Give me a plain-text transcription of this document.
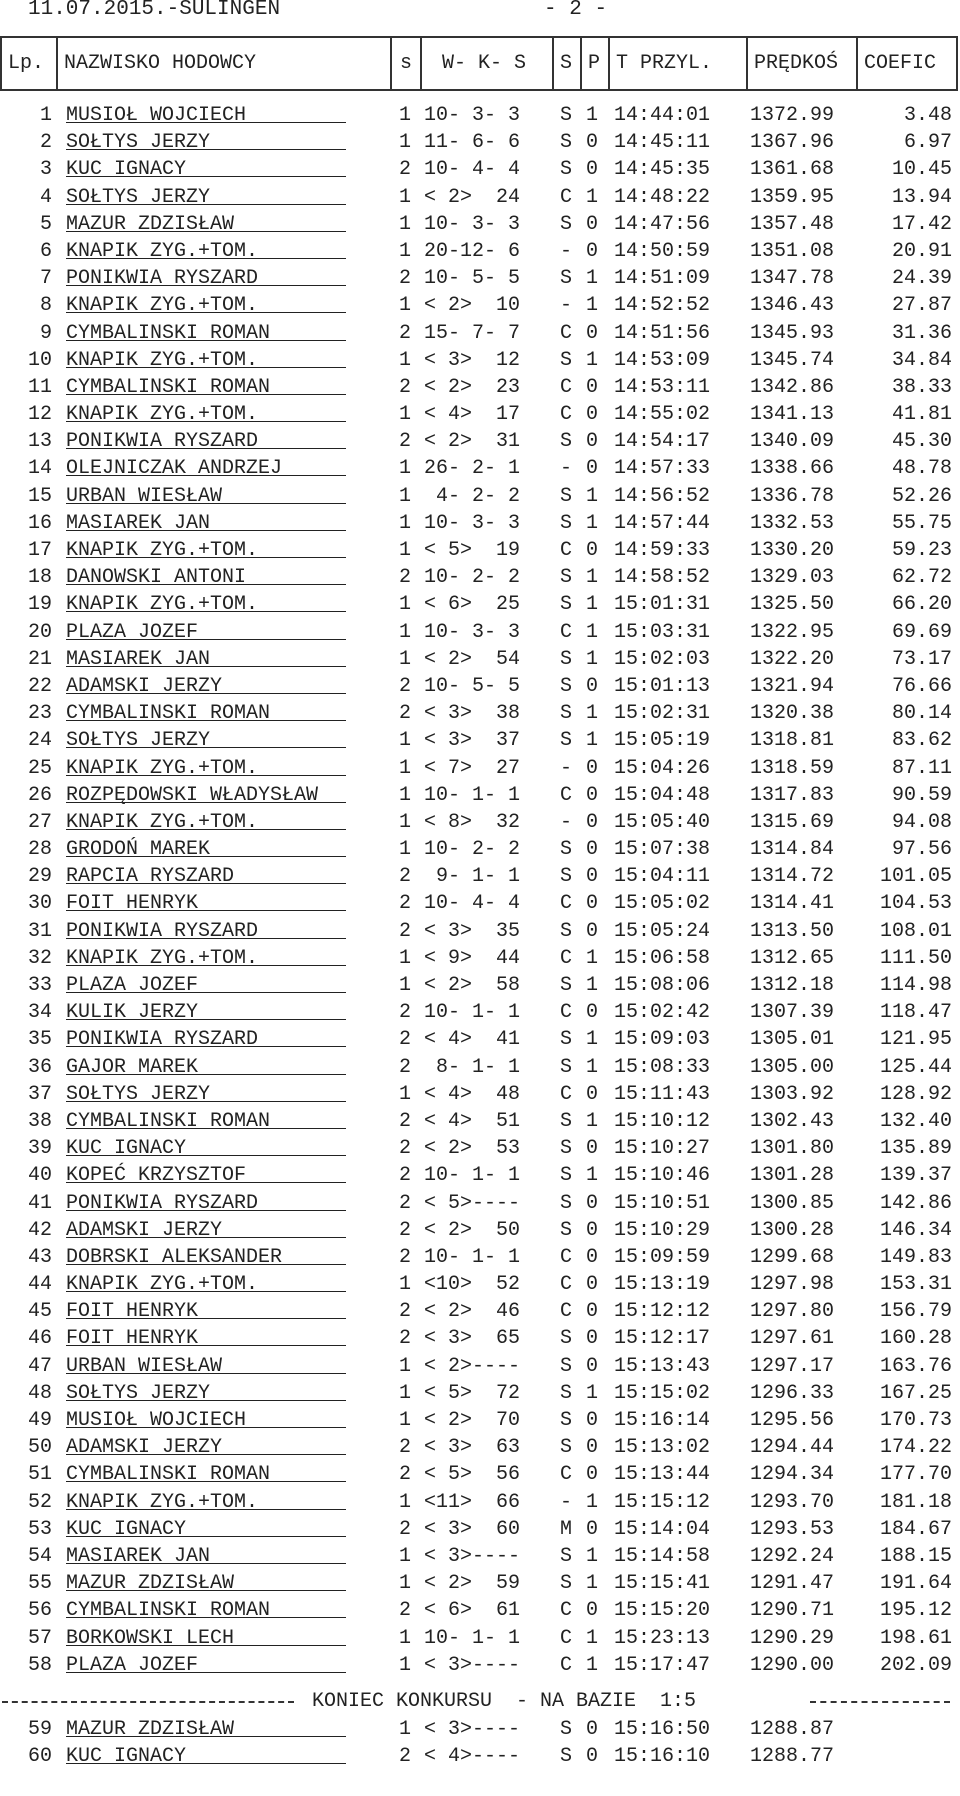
11.07.2015.-SULINGEN	- 2 -
Lp. NAZWISKO HODOWCY	s	W- K- S	S P T PRZYL.	PRĘDKOŚ	COEFIC
1 MUSIOŁ WOJCIECH	1 10- 3- 3	S 1 14:44:01 1372.99	3.48
2 SOŁTYS JERZY	1 11- 6- 6	S 0 14:45:11 1367.96	6.97
3 KUC IGNACY	2 10- 4- 4	S 0 14:45:35 1361.68	10.45
4 SOŁTYS JERZY	1 < 2>  24	C 1 14:48:22 1359.95	13.94
5 MAZUR ZDZISŁAW	1 10- 3- 3	S 0 14:47:56 1357.48	17.42
6 KNAPIK ZYG.+TOM.	1 20-12- 6	- 0 14:50:59 1351.08	20.91
7 PONIKWIA RYSZARD	2 10- 5- 5	S 1 14:51:09 1347.78	24.39
8 KNAPIK ZYG.+TOM.	1 < 2>  10	- 1 14:52:52 1346.43	27.87
9 CYMBALINSKI ROMAN	2 15- 7- 7	C 0 14:51:56 1345.93	31.36
10 KNAPIK ZYG.+TOM.	1 < 3>  12	S 1 14:53:09 1345.74	34.84
11 CYMBALINSKI ROMAN	2 < 2>  23	C 0 14:53:11 1342.86	38.33
12 KNAPIK ZYG.+TOM.	1 < 4>  17	C 0 14:55:02 1341.13	41.81
13 PONIKWIA RYSZARD	2 < 2>  31	S 0 14:54:17 1340.09	45.30
14 OLEJNICZAK ANDRZEJ	1 26- 2- 1	- 0 14:57:33 1338.66	48.78
15 URBAN WIESŁAW	1 4- 2- 2	S 1 14:56:52 1336.78	52.26
16 MASIAREK JAN	1 10- 3- 3	S 1 14:57:44 1332.53	55.75
17 KNAPIK ZYG.+TOM.	1 < 5>  19	C 0 14:59:33 1330.20	59.23
18 DANOWSKI ANTONI	2 10- 2- 2	S 1 14:58:52 1329.03	62.72
19 KNAPIK ZYG.+TOM.	1 < 6>  25	S 1 15:01:31 1325.50	66.20
20 PLAZA JOZEF	1 10- 3- 3	C 1 15:03:31 1322.95	69.69
21 MASIAREK JAN	1 < 2>  54	S 1 15:02:03 1322.20	73.17
22 ADAMSKI JERZY	2 10- 5- 5	S 0 15:01:13 1321.94	76.66
23 CYMBALINSKI ROMAN	2 < 3>  38	S 1 15:02:31 1320.38	80.14
24 SOŁTYS JERZY	1 < 3>  37	S 1 15:05:19 1318.81	83.62
25 KNAPIK ZYG.+TOM.	1 < 7>  27	- 0 15:04:26 1318.59	87.11
26 ROZPĘDOWSKI WŁADYSŁAW	1 10- 1- 1	C 0 15:04:48 1317.83	90.59
27 KNAPIK ZYG.+TOM.	1 < 8>  32	- 0 15:05:40 1315.69	94.08
28 GRODOŃ MAREK	1 10- 2- 2	S 0 15:07:38 1314.84	97.56
29 RAPCIA RYSZARD	2 9- 1- 1	S 0 15:04:11 1314.72	101.05
30 FOIT HENRYK	2 10- 4- 4	C 0 15:05:02 1314.41	104.53
31 PONIKWIA RYSZARD	2 < 3>  35	S 0 15:05:24 1313.50	108.01
32 KNAPIK ZYG.+TOM.	1 < 9>  44	C 1 15:06:58 1312.65	111.50
33 PLAZA JOZEF	1 < 2>  58	S 1 15:08:06 1312.18	114.98
34 KULIK JERZY	2 10- 1- 1	C 0 15:02:42 1307.39	118.47
35 PONIKWIA RYSZARD	2 < 4>  41	S 1 15:09:03 1305.01	121.95
36 GAJOR MAREK	2 8- 1- 1	S 1 15:08:33 1305.00	125.44
37 SOŁTYS JERZY	1 < 4>  48	C 0 15:11:43 1303.92	128.92
38 CYMBALINSKI ROMAN	2 < 4>  51	S 1 15:10:12 1302.43	132.40
39 KUC IGNACY	2 < 2>  53	S 0 15:10:27 1301.80	135.89
40 KOPEĆ KRZYSZTOF	2 10- 1- 1	S 1 15:10:46 1301.28	139.37
41 PONIKWIA RYSZARD	2 < 5>----	S 0 15:10:51 1300.85	142.86
42 ADAMSKI JERZY	2 < 2>  50	S 0 15:10:29 1300.28	146.34
43 DOBRSKI ALEKSANDER	2 10- 1- 1	C 0 15:09:59 1299.68	149.83
44 KNAPIK ZYG.+TOM.	1 <10>  52	C 0 15:13:19 1297.98	153.31
45 FOIT HENRYK	2 < 2>  46	C 0 15:12:12 1297.80	156.79
46 FOIT HENRYK	2 < 3>  65	S 0 15:12:17 1297.61	160.28
47 URBAN WIESŁAW	1 < 2>----	S 0 15:13:43 1297.17	163.76
48 SOŁTYS JERZY	1 < 5>  72	S 1 15:15:02 1296.33	167.25
49 MUSIOŁ WOJCIECH	1 < 2>  70	S 0 15:16:14 1295.56	170.73
50 ADAMSKI JERZY	2 < 3>  63	S 0 15:13:02 1294.44	174.22
51 CYMBALINSKI ROMAN	2 < 5>  56	C 0 15:13:44 1294.34	177.70
52 KNAPIK ZYG.+TOM.	1 <11>  66	- 1 15:15:12 1293.70	181.18
53 KUC IGNACY	2 < 3>  60	M 0 15:14:04 1293.53	184.67
54 MASIAREK JAN	1 < 3>----	S 1 15:14:58 1292.24	188.15
55 MAZUR ZDZISŁAW	1 < 2>  59	S 1 15:15:41 1291.47	191.64
56 CYMBALINSKI ROMAN	2 < 6>  61	C 0 15:15:20 1290.71	195.12
57 BORKOWSKI LECH	1 10- 1- 1	C 1 15:23:13 1290.29	198.61
58 PLAZA JOZEF	1 < 3>----	C 1 15:17:47 1290.00	202.09

KONIEC KONKURSU  - NA BAZIE  1:5

59 MAZUR ZDZISŁAW	1 < 3>----	S 0 15:16:50 1288.87
60 KUC IGNACY	2 < 4>----	S 0 15:16:10 1288.77
